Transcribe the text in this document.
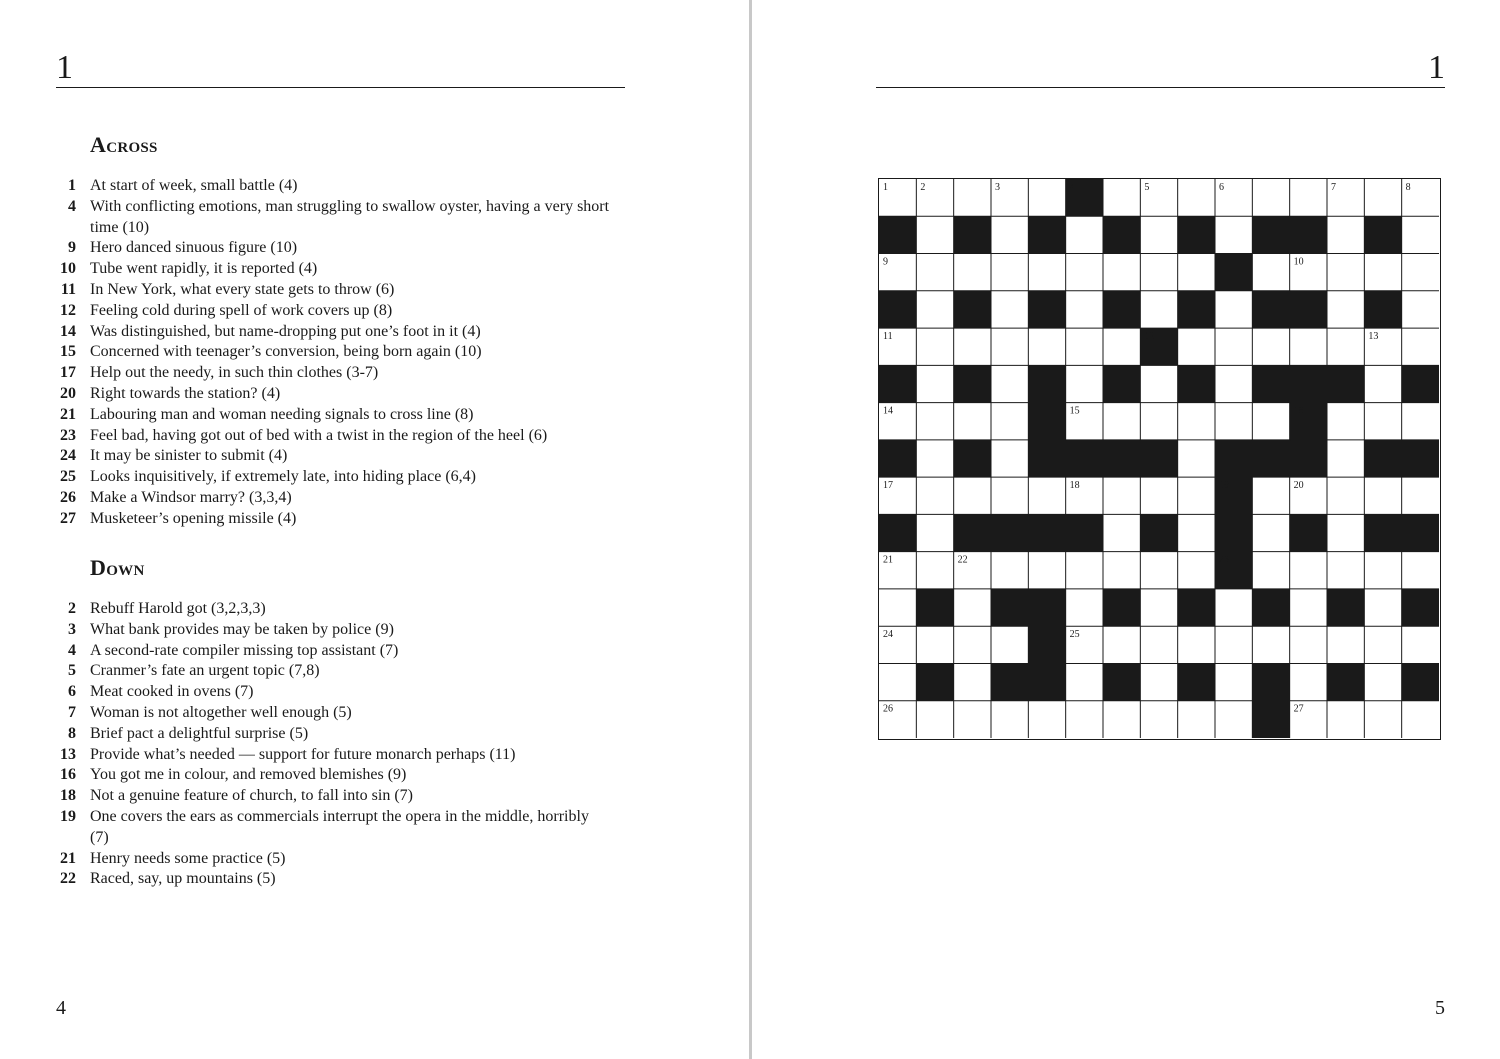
1
Across
1 At start of week, small battle (4)
4 With conflicting emotions, man struggling to swallow oyster, having a very short time (10)
9 Hero danced sinuous figure (10)
10 Tube went rapidly, it is reported (4)
11 In New York, what every state gets to throw (6)
12 Feeling cold during spell of work covers up (8)
14 Was distinguished, but name-dropping put one’s foot in it (4)
15 Concerned with teenager’s conversion, being born again (10)
17 Help out the needy, in such thin clothes (3-7)
20 Right towards the station? (4)
21 Labouring man and woman needing signals to cross line (8)
23 Feel bad, having got out of bed with a twist in the region of the heel (6)
24 It may be sinister to submit (4)
25 Looks inquisitively, if extremely late, into hiding place (6,4)
26 Make a Windsor marry? (3,3,4)
27 Musketeer’s opening missile (4)
Down
2 Rebuff Harold got (3,2,3,3)
3 What bank provides may be taken by police (9)
4 A second-rate compiler missing top assistant (7)
5 Cranmer’s fate an urgent topic (7,8)
6 Meat cooked in ovens (7)
7 Woman is not altogether well enough (5)
8 Brief pact a delightful surprise (5)
13 Provide what’s needed — support for future monarch perhaps (11)
16 You got me in colour, and removed blemishes (9)
18 Not a genuine feature of church, to fall into sin (7)
19 One covers the ears as commercials interrupt the opera in the middle, horribly (7)
21 Henry needs some practice (5)
22 Raced, say, up mountains (5)
4
1
5
1	2	3	4	5	6	7	8
9	10
11	12	13
14	15	16
17	18	19	20
21	22	23
24	25
26	27
